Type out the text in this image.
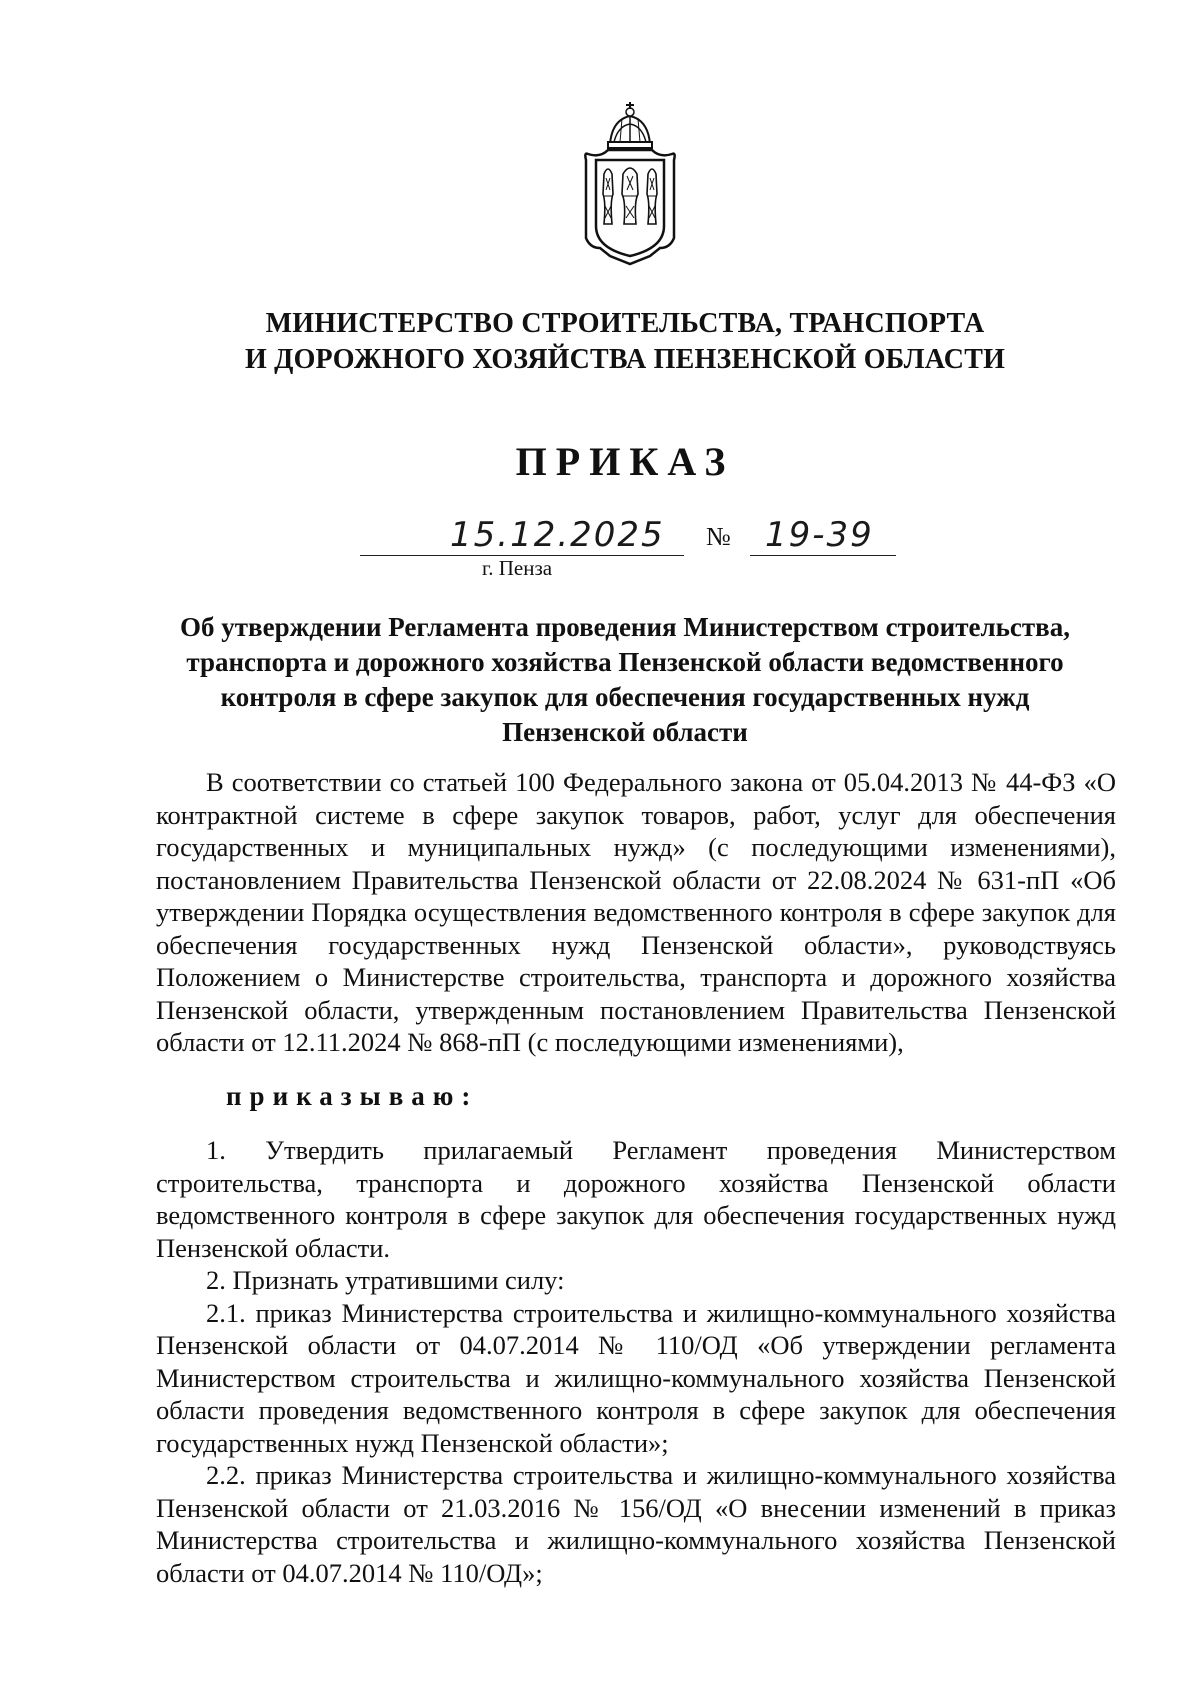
МИНИСТЕРСТВО СТРОИТЕЛЬСТВА, ТРАНСПОРТА
И ДОРОЖНОГО ХОЗЯЙСТВА ПЕНЗЕНСКОЙ ОБЛАСТИ
ПРИКАЗ
15.12.2025 № 19-39
г. Пенза
Об утверждении Регламента проведения Министерством строительства, транспорта и дорожного хозяйства Пензенской области ведомственного контроля в сфере закупок для обеспечения государственных нужд Пензенской области

В соответствии со статьей 100 Федерального закона от 05.04.2013 № 44-ФЗ «О контрактной системе в сфере закупок товаров, работ, услуг для обеспечения государственных и муниципальных нужд» (с последующими изменениями), постановлением Правительства Пензенской области от 22.08.2024 № 631-пП «Об утверждении Порядка осуществления ведомственного контроля в сфере закупок для обеспечения государственных нужд Пензенской области», руководствуясь Положением о Министерстве строительства, транспорта и дорожного хозяйства Пензенской области, утвержденным постановлением Правительства Пензенской области от 12.11.2024 № 868-пП (с последующими изменениями),

приказываю:

1. Утвердить прилагаемый Регламент проведения Министерством строительства, транспорта и дорожного хозяйства Пензенской области ведомственного контроля в сфере закупок для обеспечения государственных нужд Пензенской области.

2. Признать утратившими силу:

2.1. приказ Министерства строительства и жилищно-коммунального хозяйства Пензенской области от 04.07.2014 № 110/ОД «Об утверждении регламента Министерством строительства и жилищно-коммунального хозяйства Пензенской области проведения ведомственного контроля в сфере закупок для обеспечения государственных нужд Пензенской области»;

2.2. приказ Министерства строительства и жилищно-коммунального хозяйства Пензенской области от 21.03.2016 № 156/ОД «О внесении изменений в приказ Министерства строительства и жилищно-коммунального хозяйства Пензенской области от 04.07.2014 № 110/ОД»;
